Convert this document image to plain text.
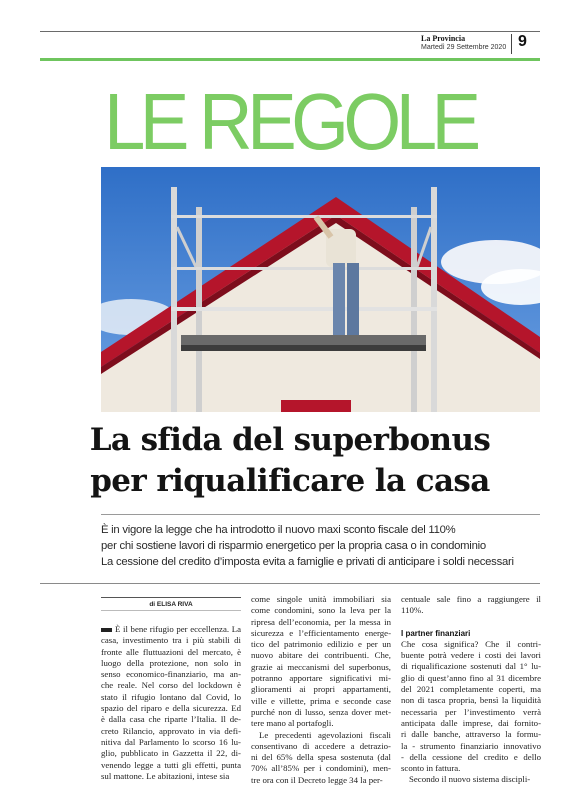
La Provincia
Martedì 29 Settembre 2020 9
LE REGOLE
La sfida del superbonus
per riqualificare la casa
È in vigore la legge che ha introdotto il nuovo maxi sconto fiscale del 110%
per chi sostiene lavori di risparmio energetico per la propria casa o in condominio
La cessione del credito d’imposta evita a famiglie e privati di anticipare i soldi necessari
di ELISA RIVA
È il bene rifugio per eccellenza. La
casa, investimento tra i più stabili di
fronte alle fluttuazioni del mercato, è
luogo della protezione, non solo in
senso economico-finanziario, ma an-
che reale. Nel corso del lockdown è
stato il rifugio lontano dal Covid, lo
spazio del riparo e della sicurezza. Ed
è dalla casa che riparte l’Italia. Il de-
creto Rilancio, approvato in via defi-
nitiva dal Parlamento lo scorso 16 lu-
glio, pubblicato in Gazzetta il 22, di-
venendo legge a tutti gli effetti, punta
sul mattone. Le abitazioni, intese sia
come singole unità immobiliari sia
come condomini, sono la leva per la
ripresa dell’economia, per la messa in
sicurezza e l’efficientamento energe-
tico del patrimonio edilizio e per un
nuovo abitare dei contribuenti. Che,
grazie ai meccanismi del superbonus,
potranno apportare significativi mi-
glioramenti ai propri appartamenti,
ville e villette, prima e seconde case
purché non di lusso, senza dover met-
tere mano al portafogli.
Le precedenti agevolazioni fiscali
consentivano di accedere a detrazio-
ni del 65% della spesa sostenuta (dal
70% all’85% per i condomini), men-
tre ora con il Decreto legge 34 la per-
centuale sale fino a raggiungere il
110%.
I partner finanziari
Che cosa significa? Che il contri-
buente potrà vedere i costi dei lavori
di riqualificazione sostenuti dal 1° lu-
glio di quest’anno fino al 31 dicembre
del 2021 completamente coperti, ma
non di tasca propria, bensì la liquidità
necessaria per l’investimento verrà
anticipata dalle imprese, dai fornito-
ri dalle banche, attraverso la formu-
la - strumento finanziario innovativo
- della cessione del credito e dello
sconto in fattura.
Secondo il nuovo sistema discipli-
